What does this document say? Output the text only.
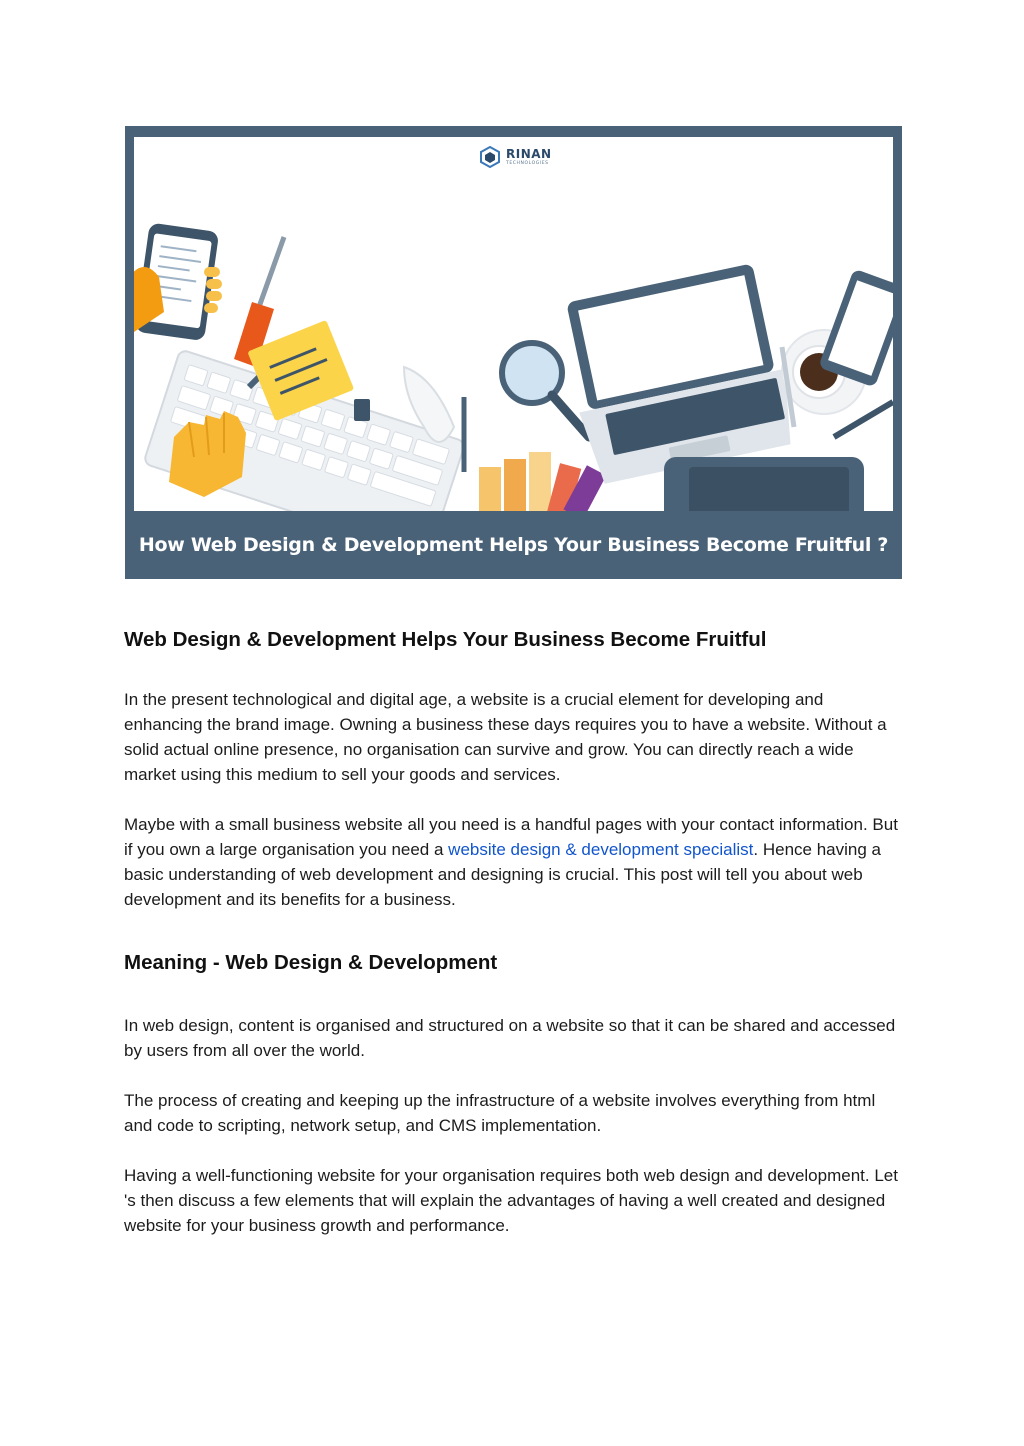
RINAN
TECHNOLOGIES
How Web Design & Development Helps Your Business Become Fruitful ?
Web Design & Development Helps Your Business Become Fruitful

In the present technological and digital age, a website is a crucial element for developing and enhancing the brand image. Owning a business these days requires you to have a website. Without a solid actual online presence, no organisation can survive and grow. You can directly reach a wide market using this medium to sell your goods and services.

Maybe with a small business website all you need is a handful pages with your contact information. But if you own a large organisation you need a website design & development specialist. Hence having a basic understanding of web development and designing is crucial. This post will tell you about web development and its benefits for a business.

Meaning - Web Design & Development

In web design, content is organised and structured on a website so that it can be shared and accessed by users from all over the world.

The process of creating and keeping up the infrastructure of a website involves everything from html and code to scripting, network setup, and CMS implementation.

Having a well-functioning website for your organisation requires both web design and development. Let 's then discuss a few elements that will explain the advantages of having a well created and designed website for your business growth and performance.
